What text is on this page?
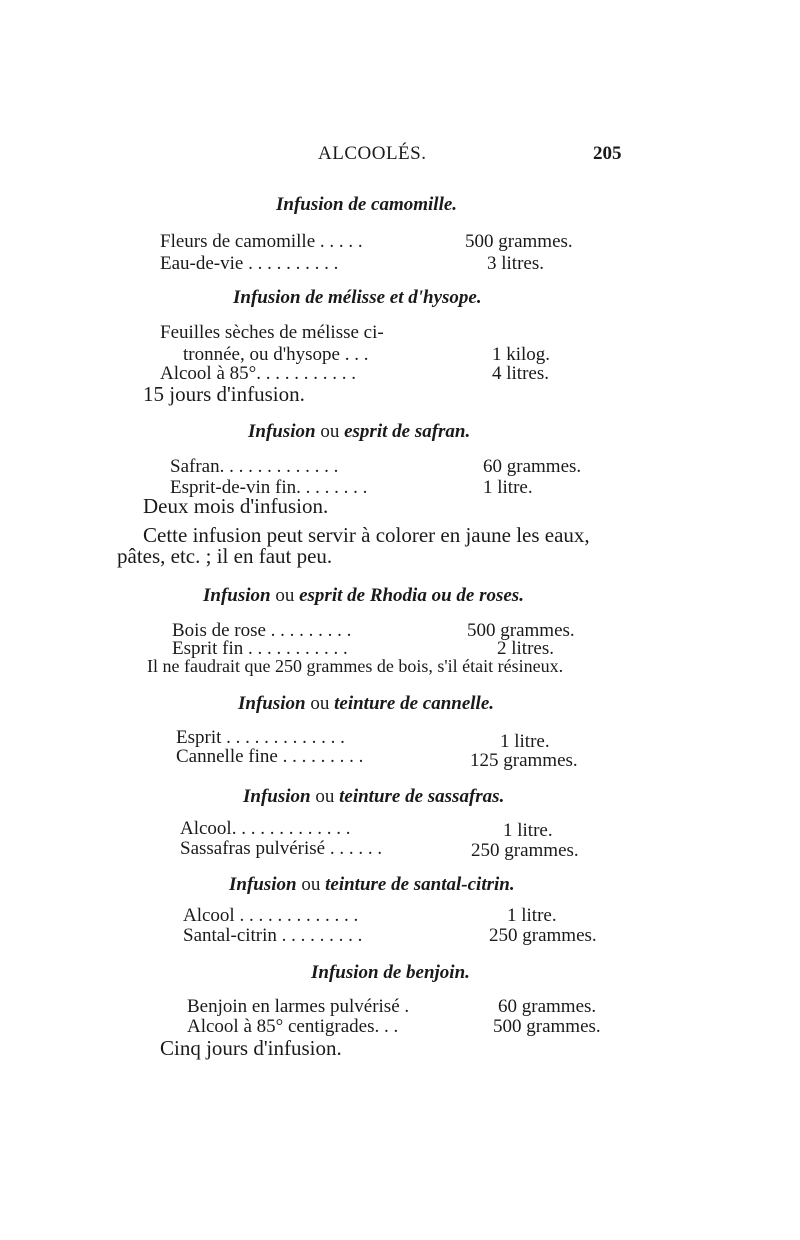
ALCOOLÉS.	205
Infusion de camomille.
Fleurs de camomille . . . . .	500 grammes.
Eau-de-vie . . . . . . . . . .	3 litres.
Infusion de mélisse et d'hysope.
Feuilles sèches de mélisse ci-
tronnée, ou d'hysope . . .	1 kilog.
Alcool à 85°. . . . . . . . . . .	4 litres.
15 jours d'infusion.
Infusion ou esprit de safran.
Safran. . . . . . . . . . . . .	60 grammes.
Esprit-de-vin fin. . . . . . . .	1 litre.
Deux mois d'infusion.
Cette infusion peut servir à colorer en jaune les eaux,
pâtes, etc. ; il en faut peu.
Infusion ou esprit de Rhodia ou de roses.
Bois de rose . . . . . . . . .	500 grammes.
Esprit fin . . . . . . . . . . .	2 litres.
Il ne faudrait que 250 grammes de bois, s'il était résineux.
Infusion ou teinture de cannelle.
Esprit . . . . . . . . . . . . .	1 litre.
Cannelle fine . . . . . . . . .	125 grammes.
Infusion ou teinture de sassafras.
Alcool. . . . . . . . . . . . .	1 litre.
Sassafras pulvérisé . . . . . .	250 grammes.
Infusion ou teinture de santal-citrin.
Alcool . . . . . . . . . . . . .	1 litre.
Santal-citrin . . . . . . . . .	250 grammes.
Infusion de benjoin.
Benjoin en larmes pulvérisé .	60 grammes.
Alcool à 85° centigrades. . .	500 grammes.
Cinq jours d'infusion.
